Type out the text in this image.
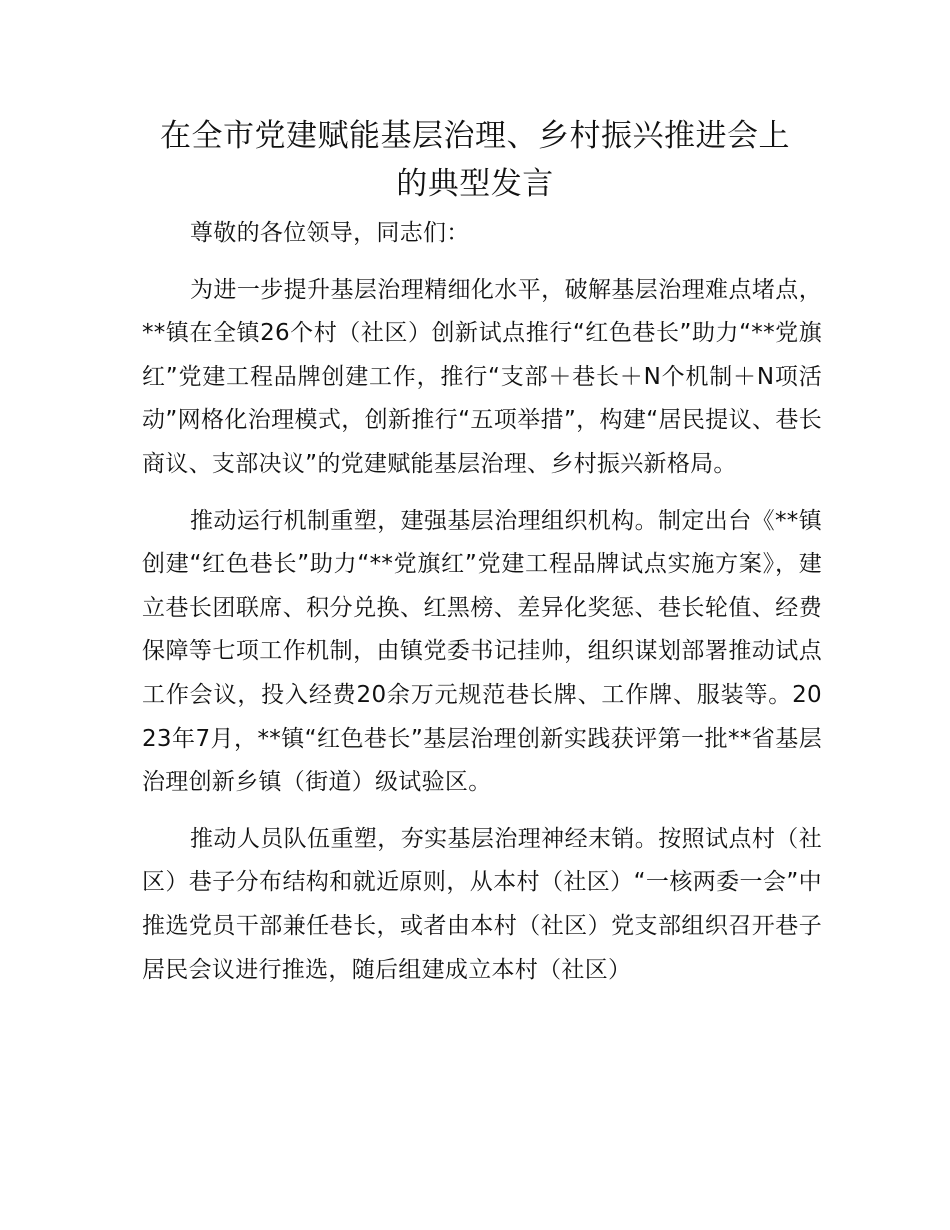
在全市党建赋能基层治理、乡村振兴推进会上
的典型发言

尊敬的各位领导，同志们：

为进一步提升基层治理精细化水平，破解基层治理难点堵点，**镇在全镇26个村（社区）创新试点推行“红色巷长”助力“**党旗红”党建工程品牌创建工作，推行“支部＋巷长＋N个机制＋N项活动”网格化治理模式，创新推行“五项举措”，构建“居民提议、巷长商议、支部决议”的党建赋能基层治理、乡村振兴新格局。

推动运行机制重塑，建强基层治理组织机构。制定出台《**镇创建“红色巷长”助力“**党旗红”党建工程品牌试点实施方案》，建立巷长团联席、积分兑换、红黑榜、差异化奖惩、巷长轮值、经费保障等七项工作机制，由镇党委书记挂帅，组织谋划部署推动试点工作会议，投入经费20余万元规范巷长牌、工作牌、服装等。2023年7月，**镇“红色巷长”基层治理创新实践获评第一批**省基层治理创新乡镇（街道）级试验区。

推动人员队伍重塑，夯实基层治理神经末销。按照试点村（社区）巷子分布结构和就近原则，从本村（社区）“一核两委一会”中推选党员干部兼任巷长，或者由本村（社区）党支部组织召开巷子居民会议进行推选，随后组建成立本村（社区）
